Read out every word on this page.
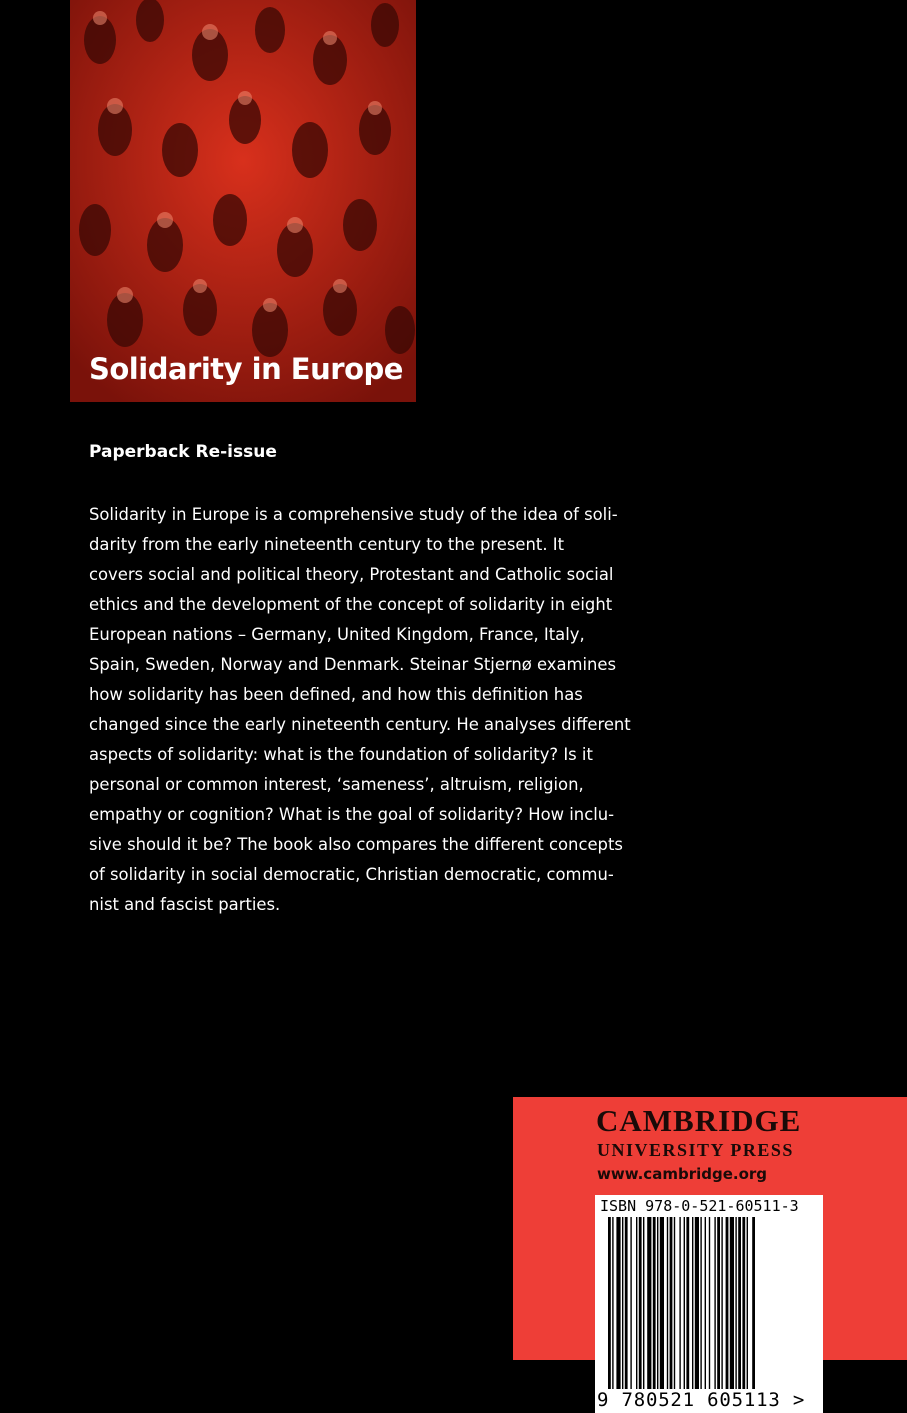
Solidarity in Europe
Paperback Re-issue
Solidarity in Europe is a comprehensive study of the idea of soli-
darity from the early nineteenth century to the present. It
covers social and political theory, Protestant and Catholic social
ethics and the development of the concept of solidarity in eight
European nations – Germany, United Kingdom, France, Italy,
Spain, Sweden, Norway and Denmark. Steinar Stjernø examines
how solidarity has been defined, and how this definition has
changed since the early nineteenth century. He analyses different
aspects of solidarity: what is the foundation of solidarity? Is it
personal or common interest, ‘sameness’, altruism, religion,
empathy or cognition? What is the goal of solidarity? How inclu-
sive should it be? The book also compares the different concepts
of solidarity in social democratic, Christian democratic, commu-
nist and fascist parties.
CAMBRIDGE
UNIVERSITY PRESS
www.cambridge.org
ISBN 978-0-521-60511-3
9 780521 605113 >
